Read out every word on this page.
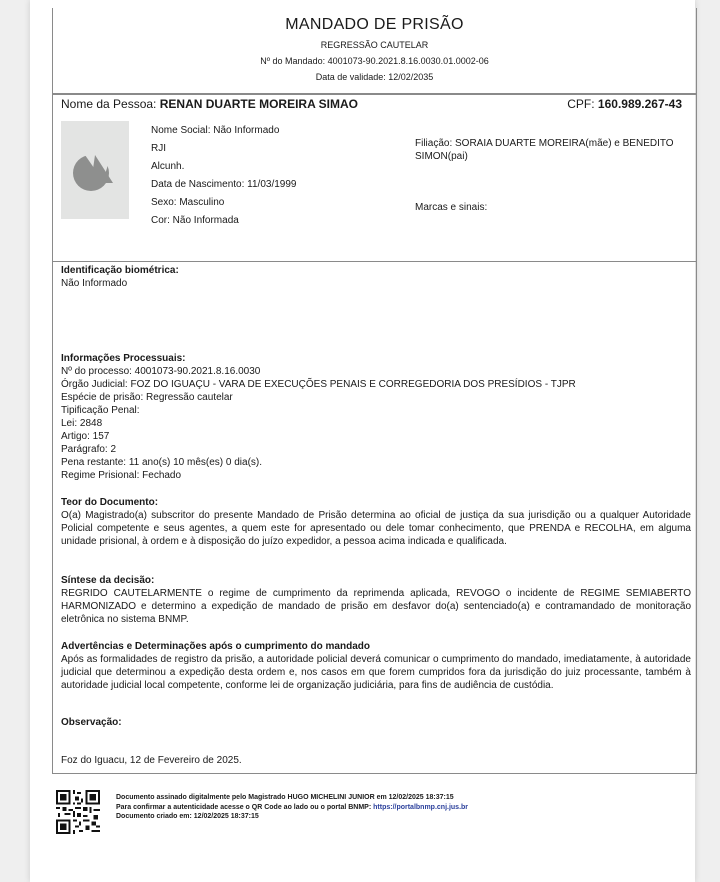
MANDADO DE PRISÃO
REGRESSÃO CAUTELAR
Nº do Mandado: 4001073-90.2021.8.16.0030.01.0002-06
Data de validade: 12/02/2035
Nome da Pessoa: RENAN DUARTE MOREIRA SIMAO	CPF: 160.989.267-43
Nome Social: Não Informado
RJI
Alcunh.
Data de Nascimento: 11/03/1999
Sexo: Masculino
Cor: Não Informada
Filiação: SORAIA DUARTE MOREIRA(mãe) e BENEDITO SIMON(pai)
Marcas e sinais:
Identificação biométrica:
Não Informado
Informações Processuais:
Nº do processo: 4001073-90.2021.8.16.0030
Órgão Judicial: FOZ DO IGUAÇU - VARA DE EXECUÇÕES PENAIS E CORREGEDORIA DOS PRESÍDIOS - TJPR
Espécie de prisão: Regressão cautelar
Tipificação Penal:
Lei: 2848
Artigo: 157
Parágrafo: 2
Pena restante: 11 ano(s) 10 mês(es) 0 dia(s).
Regime Prisional: Fechado
Teor do Documento:
O(a) Magistrado(a) subscritor do presente Mandado de Prisão determina ao oficial de justiça da sua jurisdição ou a qualquer Autoridade Policial competente e seus agentes, a quem este for apresentado ou dele tomar conhecimento, que PRENDA e RECOLHA, em alguma unidade prisional, à ordem e à disposição do juízo expedidor, a pessoa acima indicada e qualificada.
Síntese da decisão:
REGRIDO CAUTELARMENTE o regime de cumprimento da reprimenda aplicada, REVOGO o incidente de REGIME SEMIABERTO HARMONIZADO e determino a expedição de mandado de prisão em desfavor do(a) sentenciado(a) e contramandado de monitoração eletrônica no sistema BNMP.
Advertências e Determinações após o cumprimento do mandado
Após as formalidades de registro da prisão, a autoridade policial deverá comunicar o cumprimento do mandado, imediatamente, à autoridade judicial que determinou a expedição desta ordem e, nos casos em que forem cumpridos fora da jurisdição do juiz processante, também à autoridade judicial local competente, conforme lei de organização judiciária, para fins de audiência de custódia.
Observação:
Foz do Iguacu, 12 de Fevereiro de 2025.
Documento assinado digitalmente pelo Magistrado HUGO MICHELINI JUNIOR em 12/02/2025 18:37:15
Para confirmar a autenticidade acesse o QR Code ao lado ou o portal BNMP: https://portalbnmp.cnj.jus.br
Documento criado em: 12/02/2025 18:37:15
